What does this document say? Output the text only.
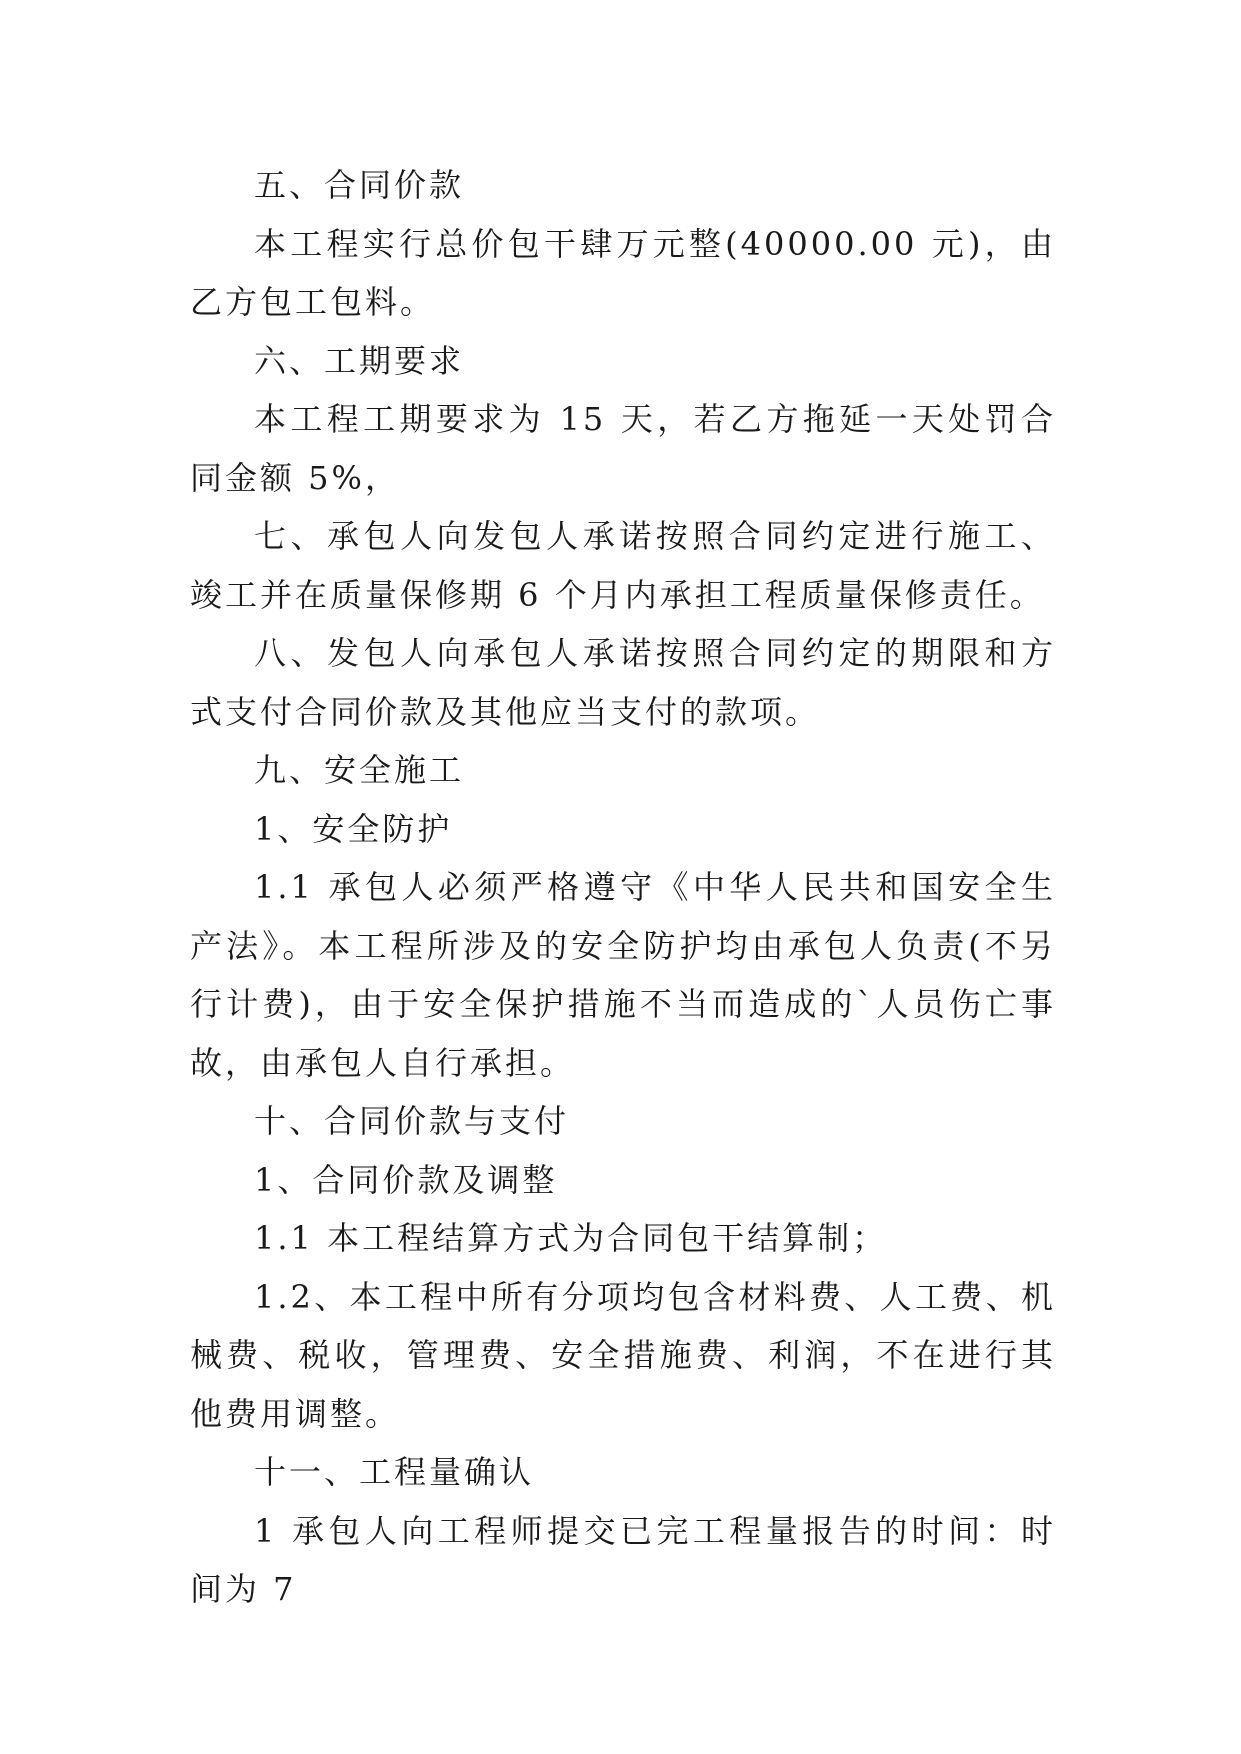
五、合同价款

本工程实行总价包干肆万元整(40000.00 元)，由乙方包工包料。

六、工期要求

本工程工期要求为 15 天，若乙方拖延一天处罚合同金额 5%，

七、承包人向发包人承诺按照合同约定进行施工、竣工并在质量保修期 6 个月内承担工程质量保修责任。

八、发包人向承包人承诺按照合同约定的期限和方式支付合同价款及其他应当支付的款项。

九、安全施工

1、安全防护

1.1 承包人必须严格遵守《中华人民共和国安全生产法》。本工程所涉及的安全防护均由承包人负责(不另行计费)，由于安全保护措施不当而造成的`人员伤亡事故，由承包人自行承担。

十、合同价款与支付

1、合同价款及调整

1.1 本工程结算方式为合同包干结算制；

1.2、本工程中所有分项均包含材料费、人工费、机械费、税收，管理费、安全措施费、利润，不在进行其他费用调整。

十一、工程量确认

1 承包人向工程师提交已完工程量报告的时间：时间为 7
